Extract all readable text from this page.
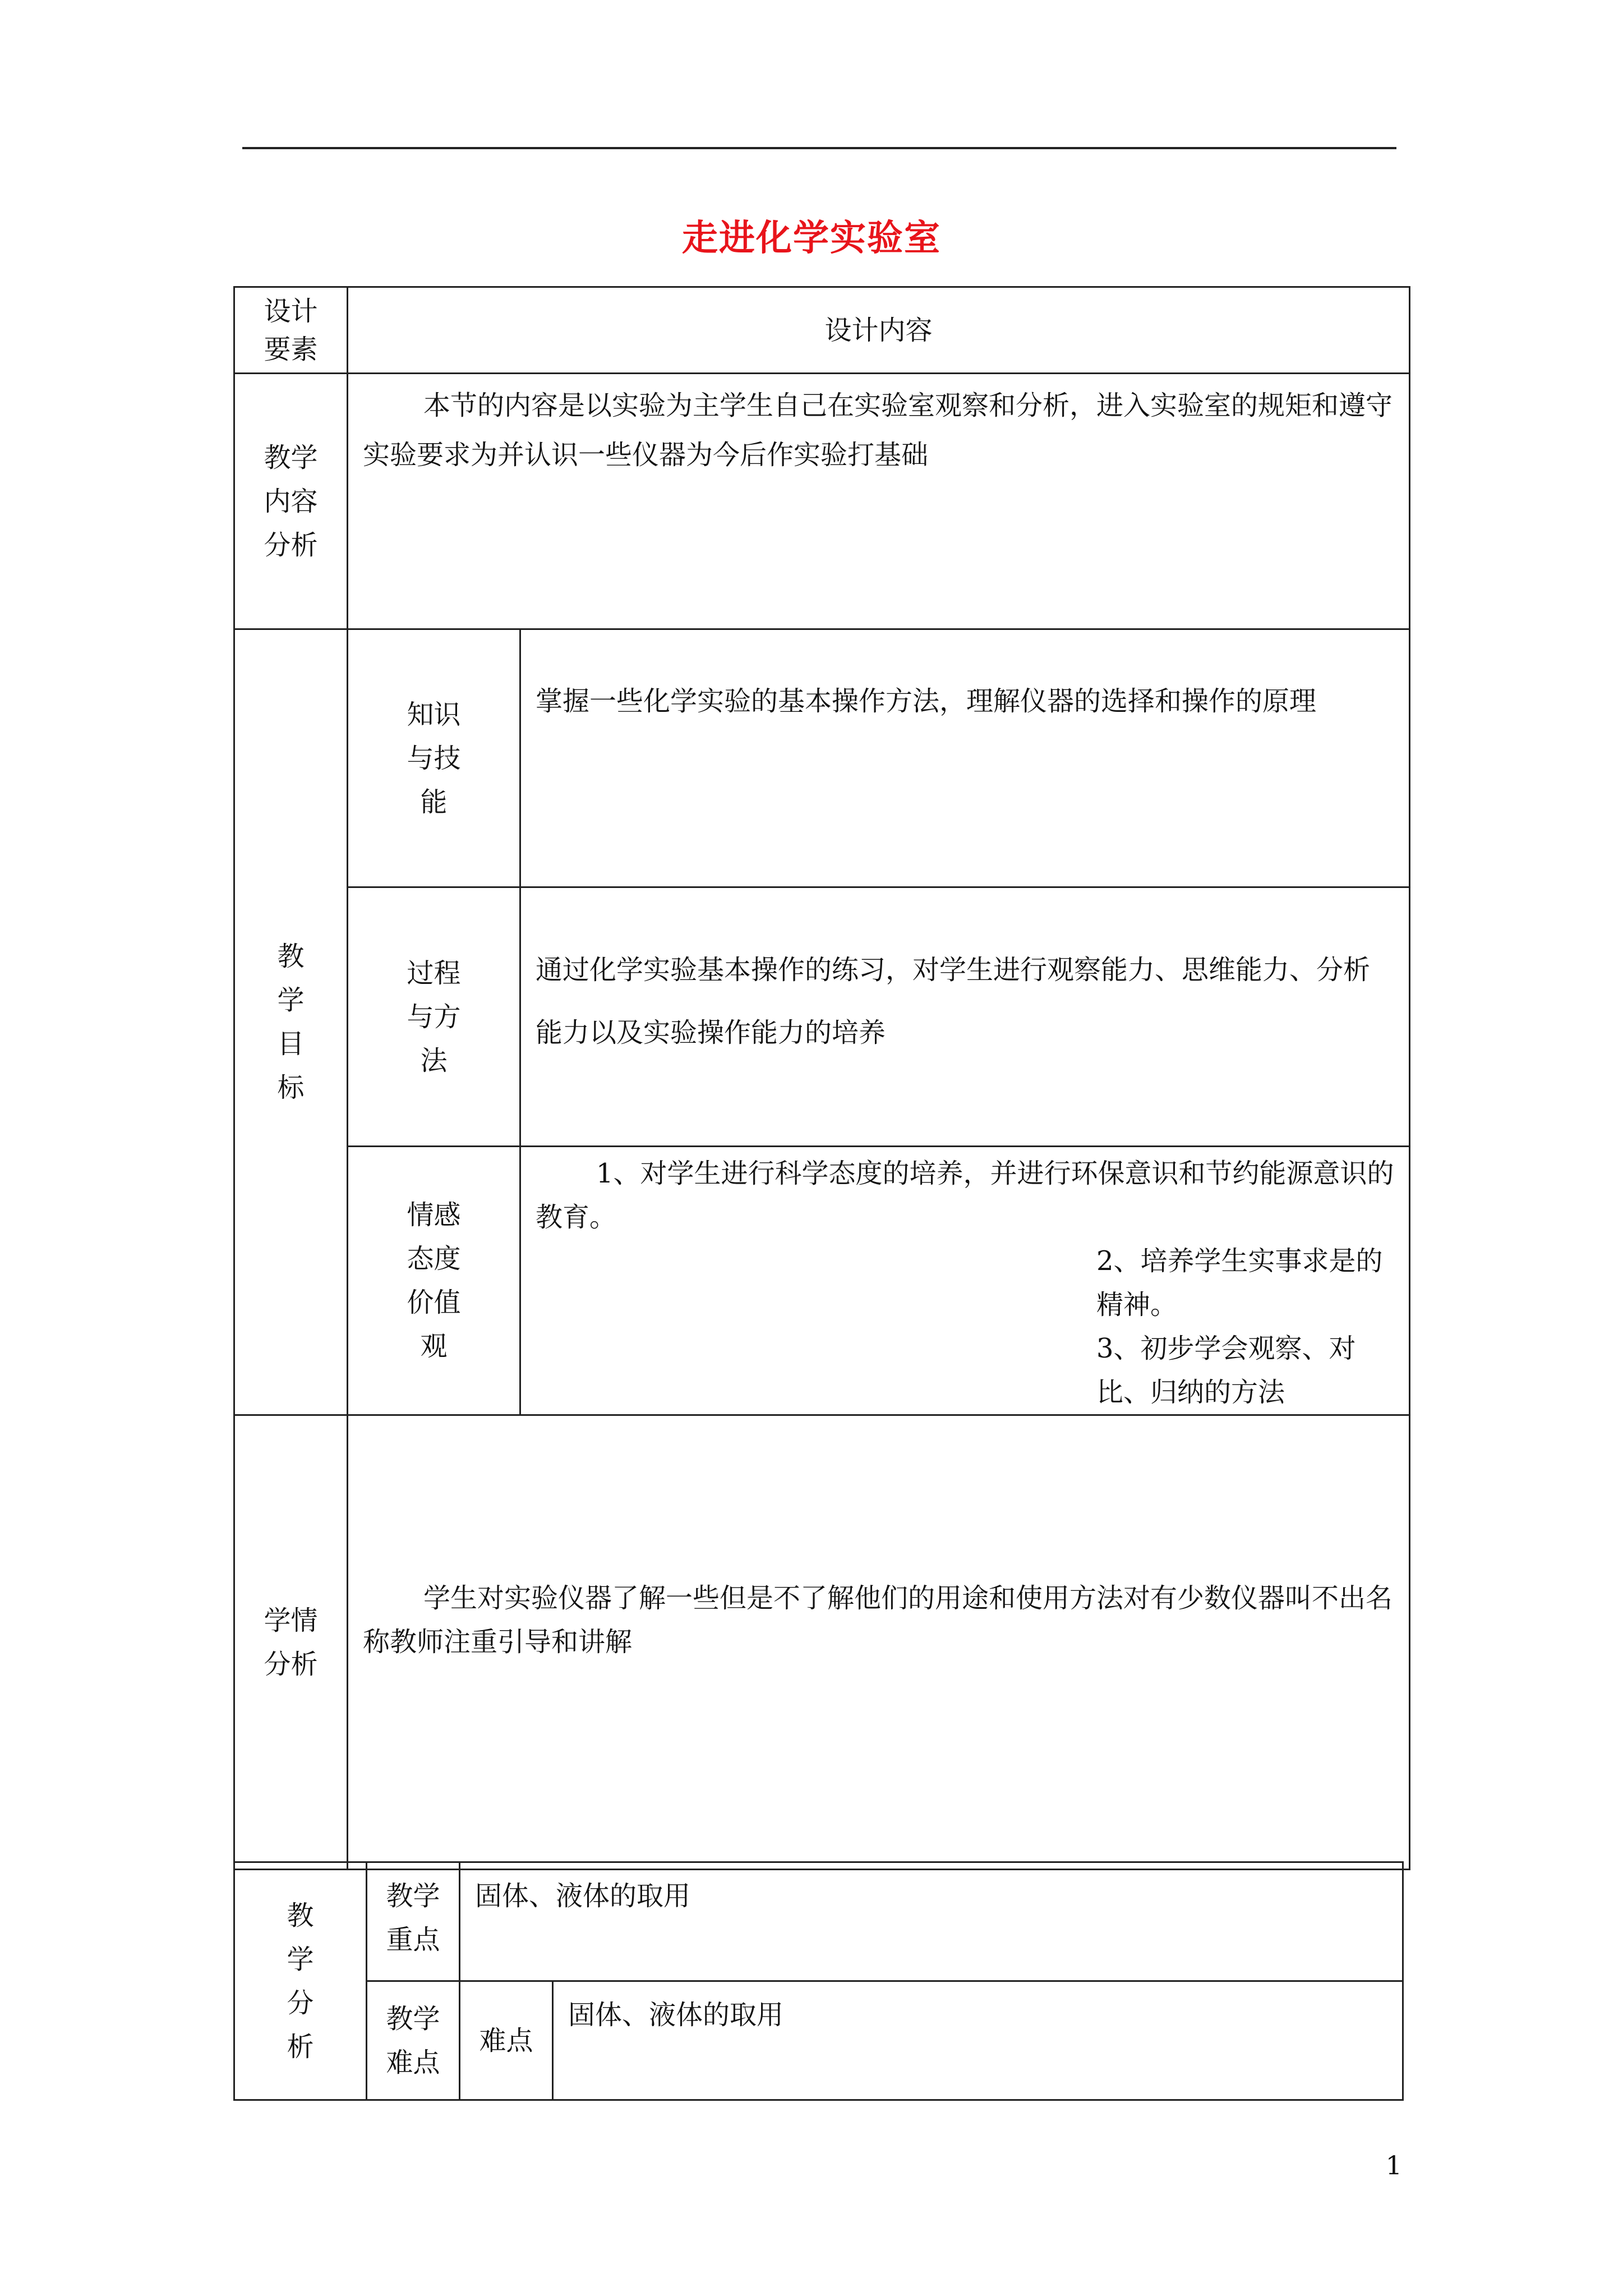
走进化学实验室
设计要素	设计内容	
教学内容分析	本节的内容是以实验为主学生自己在实验室观察和分析，进入实验室的规矩和遵守实验要求为并认识一些仪器为今后作实验打基础	
教学目标	知识与技能	掌握一些化学实验的基本操作方法，理解仪器的选择和操作的原理
	过程与方法	通过化学实验基本操作的练习，对学生进行观察能力、思维能力、分析能力以及实验操作能力的培养
	情感态度价值观	1、对学生进行科学态度的培养，并进行环保意识和节约能源意识的教育。
2、培养学生实事求是的精神。
3、初步学会观察、对比、归纳的方法

学情分析	学生对实验仪器了解一些但是不了解他们的用途和使用方法对有少数仪器叫不出名称教师注重引导和讲解	
教学分析	教学重点	固体、液体的取用	
	教学难点	难点	固体、液体的取用
1
